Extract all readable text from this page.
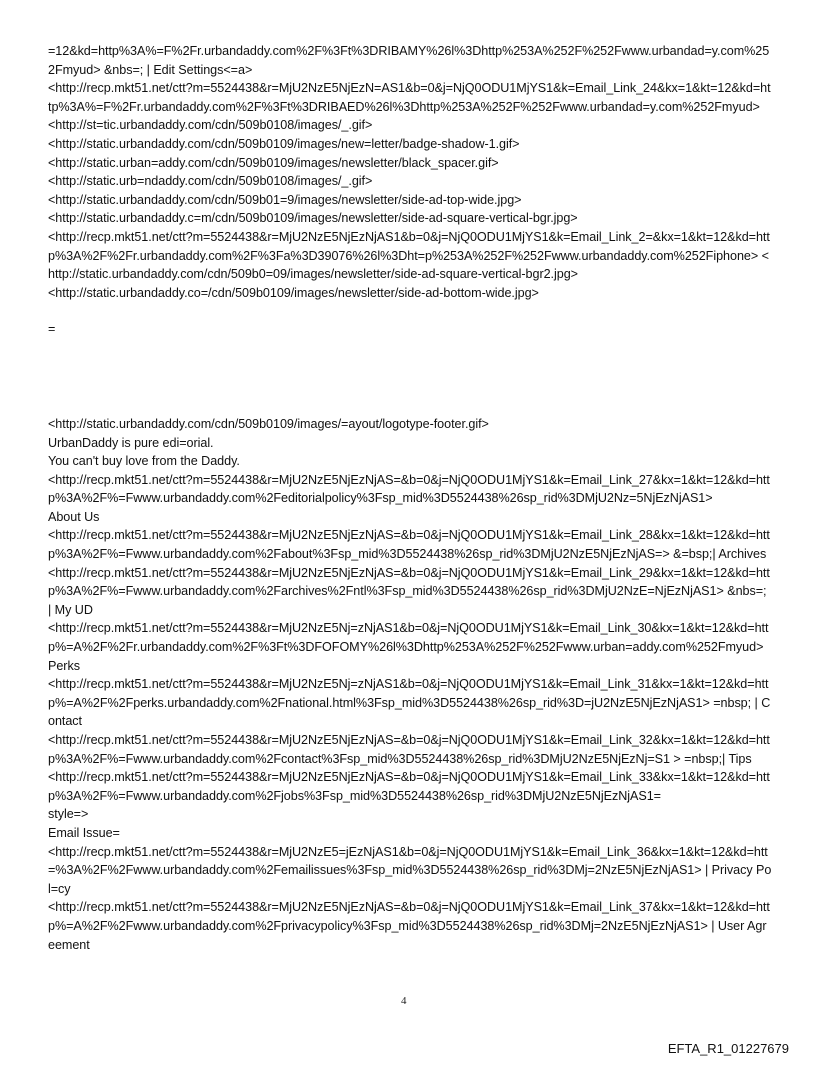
=12&kd=http%3A%=F%2Fr.urbandaddy.com%2F%3Ft%3DRIBAMY%26l%3Dhttp%253A%252F%252Fwww.urbandad=y.com%252Fmyud> &nbs=; | Edit Settings<=a>

<http://recp.mkt51.net/ctt?m=5524438&r=MjU2NzE5NjEzN=AS1&b=0&j=NjQ0ODU1MjYS1&k=Email_Link_24&kx=1&kt=12&kd=http%3A%=F%2Fr.urbandaddy.com%2F%3Ft%3DRIBAED%26l%3Dhttp%253A%252F%252Fwww.urbandad=y.com%252Fmyud>

<http://st=tic.urbandaddy.com/cdn/509b0108/images/_.gif>

<http://static.urbandaddy.com/cdn/509b0109/images/new=letter/badge-shadow-1.gif>

<http://static.urban=addy.com/cdn/509b0109/images/newsletter/black_spacer.gif>

<http://static.urb=ndaddy.com/cdn/509b0108/images/_.gif>

<http://static.urbandaddy.com/cdn/509b01=9/images/newsletter/side-ad-top-wide.jpg>

<http://static.urbandaddy.c=m/cdn/509b0109/images/newsletter/side-ad-square-vertical-bgr.jpg>

<http://recp.mkt51.net/ctt?m=5524438&r=MjU2NzE5NjEzNjAS1&b=0&j=NjQ0ODU1MjYS1&k=Email_Link_2=&kx=1&kt=12&kd=http%3A%2F%2Fr.urbandaddy.com%2F%3Fa%3D39076%26l%3Dht=p%253A%252F%252Fwww.urbandaddy.com%252Fiphone> <http://static.urbandaddy.com/cdn/509b0=09/images/newsletter/side-ad-square-vertical-bgr2.jpg>

<http://static.urbandaddy.co=/cdn/509b0109/images/newsletter/side-ad-bottom-wide.jpg>

=

<http://static.urbandaddy.com/cdn/509b0109/images/=ayout/logotype-footer.gif>

UrbanDaddy is pure edi=orial.

You can't buy love from the Daddy.

<http://recp.mkt51.net/ctt?m=5524438&r=MjU2NzE5NjEzNjAS=&b=0&j=NjQ0ODU1MjYS1&k=Email_Link_27&kx=1&kt=12&kd=http%3A%2F%=Fwww.urbandaddy.com%2Feditorialpolicy%3Fsp_mid%3D5524438%26sp_rid%3DMjU2Nz=5NjEzNjAS1>

About Us

<http://recp.mkt51.net/ctt?m=5524438&r=MjU2NzE5NjEzNjAS=&b=0&j=NjQ0ODU1MjYS1&k=Email_Link_28&kx=1&kt=12&kd=http%3A%2F%=Fwww.urbandaddy.com%2Fabout%3Fsp_mid%3D5524438%26sp_rid%3DMjU2NzE5NjEzNjAS=> &=bsp;| Archives

<http://recp.mkt51.net/ctt?m=5524438&r=MjU2NzE5NjEzNjAS=&b=0&j=NjQ0ODU1MjYS1&k=Email_Link_29&kx=1&kt=12&kd=http%3A%2F%=Fwww.urbandaddy.com%2Farchives%2Fntl%3Fsp_mid%3D5524438%26sp_rid%3DMjU2NzE=NjEzNjAS1> &nbs=; | My UD

<http://recp.mkt51.net/ctt?m=5524438&r=MjU2NzE5Nj=zNjAS1&b=0&j=NjQ0ODU1MjYS1&k=Email_Link_30&kx=1&kt=12&kd=http%=A%2F%2Fr.urbandaddy.com%2F%3Ft%3DFOFOMY%26l%3Dhttp%253A%252F%252Fwww.urban=addy.com%252Fmyud> Perks

<http://recp.mkt51.net/ctt?m=5524438&r=MjU2NzE5Nj=zNjAS1&b=0&j=NjQ0ODU1MjYS1&k=Email_Link_31&kx=1&kt=12&kd=http%=A%2F%2Fperks.urbandaddy.com%2Fnational.html%3Fsp_mid%3D5524438%26sp_rid%3D=jU2NzE5NjEzNjAS1> =nbsp; | Contact

<http://recp.mkt51.net/ctt?m=5524438&r=MjU2NzE5NjEzNjAS=&b=0&j=NjQ0ODU1MjYS1&k=Email_Link_32&kx=1&kt=12&kd=http%3A%2F%=Fwww.urbandaddy.com%2Fcontact%3Fsp_mid%3D5524438%26sp_rid%3DMjU2NzE5NjEzNj=S1 > =nbsp;| Tips

<http://recp.mkt51.net/ctt?m=5524438&r=MjU2NzE5NjEzNjAS=&b=0&j=NjQ0ODU1MjYS1&k=Email_Link_33&kx=1&kt=12&kd=http%3A%2F%=Fwww.urbandaddy.com%2Fjobs%3Fsp_mid%3D5524438%26sp_rid%3DMjU2NzE5NjEzNjAS1=

style=>

Email Issue=

<http://recp.mkt51.net/ctt?m=5524438&r=MjU2NzE5=jEzNjAS1&b=0&j=NjQ0ODU1MjYS1&k=Email_Link_36&kx=1&kt=12&kd=htt=%3A%2F%2Fwww.urbandaddy.com%2Femailissues%3Fsp_mid%3D5524438%26sp_rid%3DMj=2NzE5NjEzNjAS1> | Privacy Pol=cy

<http://recp.mkt51.net/ctt?m=5524438&r=MjU2NzE5NjEzNjAS=&b=0&j=NjQ0ODU1MjYS1&k=Email_Link_37&kx=1&kt=12&kd=http%=A%2F%2Fwww.urbandaddy.com%2Fprivacypolicy%3Fsp_mid%3D5524438%26sp_rid%3DMj=2NzE5NjEzNjAS1> | User Agreement

4
EFTA_R1_01227679
